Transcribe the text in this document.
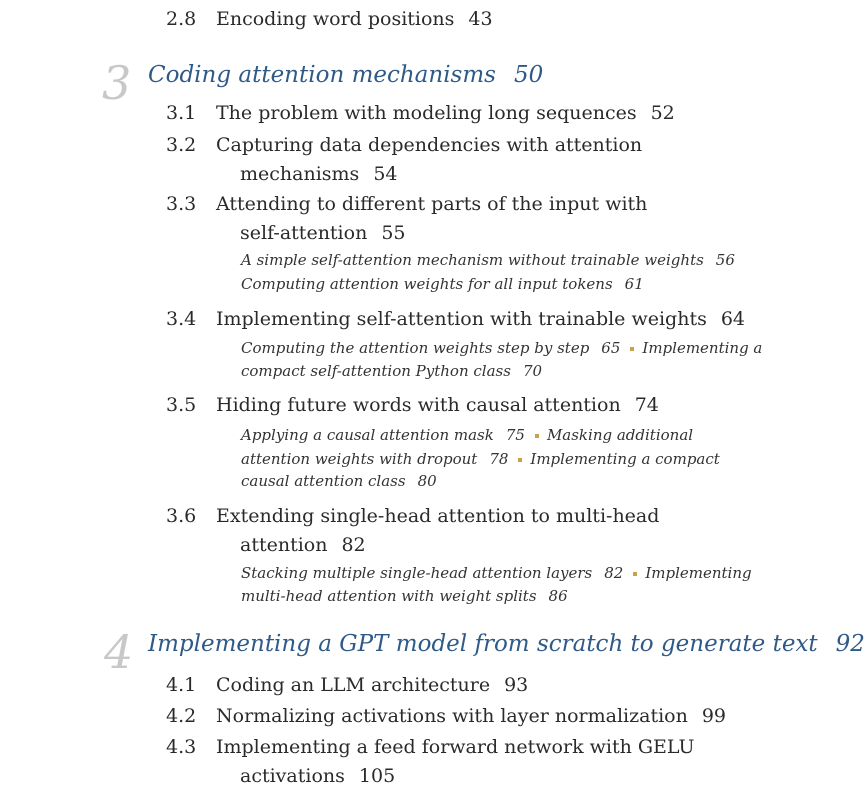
2.8 Encoding word positions 43
3 Coding attention mechanisms 50
3.1 The problem with modeling long sequences 52
3.2 Capturing data dependencies with attention
mechanisms 54
3.3 Attending to different parts of the input with
self-attention 55
A simple self-attention mechanism without trainable weights 56
Computing attention weights for all input tokens 61
3.4 Implementing self-attention with trainable weights 64
Computing the attention weights step by step 65 Implementing a
compact self-attention Python class 70
3.5 Hiding future words with causal attention 74
Applying a causal attention mask 75 Masking additional
attention weights with dropout 78 Implementing a compact
causal attention class 80
3.6 Extending single-head attention to multi-head
attention 82
Stacking multiple single-head attention layers 82 Implementing
multi-head attention with weight splits 86
4 Implementing a GPT model from scratch to generate text 92
4.1 Coding an LLM architecture 93
4.2 Normalizing activations with layer normalization 99
4.3 Implementing a feed forward network with GELU
activations 105
